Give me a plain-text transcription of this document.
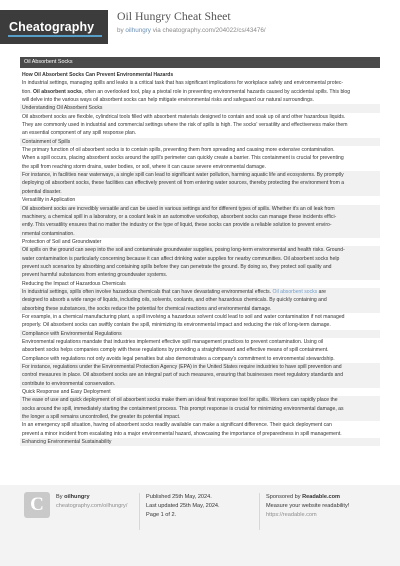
Cheatography
Oil Hungry Cheat Sheet
by oilhungry via cheatography.com/204022/cs/43476/
Oil Absorbent Socks

How Oil Absorbent Socks Can Prevent Environmental Hazards

In industrial settings, managing spills and leaks is a critical task that has significant implications for workplace safety and environmental protec-

tion. Oil absorbent socks, often an overlooked tool, play a pivotal role in preventing environmental hazards caused by accidental spills. This blog

will delve into the various ways oil absorbent socks can help mitigate environmental risks and safeguard our natural surroundings.

Understanding Oil Absorbent Socks

Oil absorbent socks are flexible, cylindrical tools filled with absorbent materials designed to contain and soak up oil and other hazardous liquids.

They are commonly used in industrial and commercial settings where the risk of spills is high. The socks' versatility and effectiveness make them

an essential component of any spill response plan.

Containment of Spills

The primary function of oil absorbent socks is to contain spills, preventing them from spreading and causing more extensive contamination.

When a spill occurs, placing absorbent socks around the spill's perimeter can quickly create a barrier. This containment is crucial for preventing

the spill from reaching storm drains, water bodies, or soil, where it can cause severe environmental damage.

For instance, in facilities near waterways, a single spill can lead to significant water pollution, harming aquatic life and ecosystems. By promptly

deploying oil absorbent socks, these facilities can effectively prevent oil from entering water sources, thereby protecting the environment from a

potential disaster.

Versatility in Application

Oil absorbent socks are incredibly versatile and can be used in various settings and for different types of spills. Whether it's an oil leak from

machinery, a chemical spill in a laboratory, or a coolant leak in an automotive workshop, absorbent socks can manage these incidents effici-

ently. This versatility ensures that no matter the industry or the type of liquid, these socks can provide a reliable solution to prevent enviro-

nmental contamination.

Protection of Soil and Groundwater

Oil spills on the ground can seep into the soil and contaminate groundwater supplies, posing long-term environmental and health risks. Ground-

water contamination is particularly concerning because it can affect drinking water supplies for nearby communities. Oil absorbent socks help

prevent such scenarios by absorbing and containing spills before they can penetrate the ground. By doing so, they protect soil quality and

prevent harmful substances from entering groundwater systems.

Reducing the Impact of Hazardous Chemicals

In industrial settings, spills often involve hazardous chemicals that can have devastating environmental effects. Oil absorbent socks are

designed to absorb a wide range of liquids, including oils, solvents, coolants, and other hazardous chemicals. By quickly containing and

absorbing these substances, the socks reduce the potential for chemical reactions and environmental damage.

For example, in a chemical manufacturing plant, a spill involving a hazardous solvent could lead to soil and water contamination if not managed

properly. Oil absorbent socks can swiftly contain the spill, minimizing its environmental impact and reducing the risk of long-term damage.

Compliance with Environmental Regulations

Environmental regulations mandate that industries implement effective spill management practices to prevent contamination. Using oil

absorbent socks helps companies comply with these regulations by providing a straightforward and effective means of spill containment.

Compliance with regulations not only avoids legal penalties but also demonstrates a company's commitment to environmental stewardship.

For instance, regulations under the Environmental Protection Agency (EPA) in the United States require industries to have spill prevention and

control measures in place. Oil absorbent socks are an integral part of such measures, ensuring that businesses meet regulatory standards and

contribute to environmental conservation.

Quick Response and Easy Deployment

The ease of use and quick deployment of oil absorbent socks make them an ideal first response tool for spills. Workers can rapidly place the

socks around the spill, immediately starting the containment process. This prompt response is crucial for minimizing environmental damage, as

the longer a spill remains uncontrolled, the greater its potential impact.

In an emergency spill situation, having oil absorbent socks readily available can make a significant difference. Their quick deployment can

prevent a minor incident from escalating into a major environmental hazard, showcasing the importance of preparedness in spill management.

Enhancing Environmental Sustainability

C	By oilhungry
cheatography.com/oilhungry/
Published 25th May, 2024.
Last updated 25th May, 2024.
Page 1 of 2.
Sponsored by Readable.com
Measure your website readability!
https://readable.com
